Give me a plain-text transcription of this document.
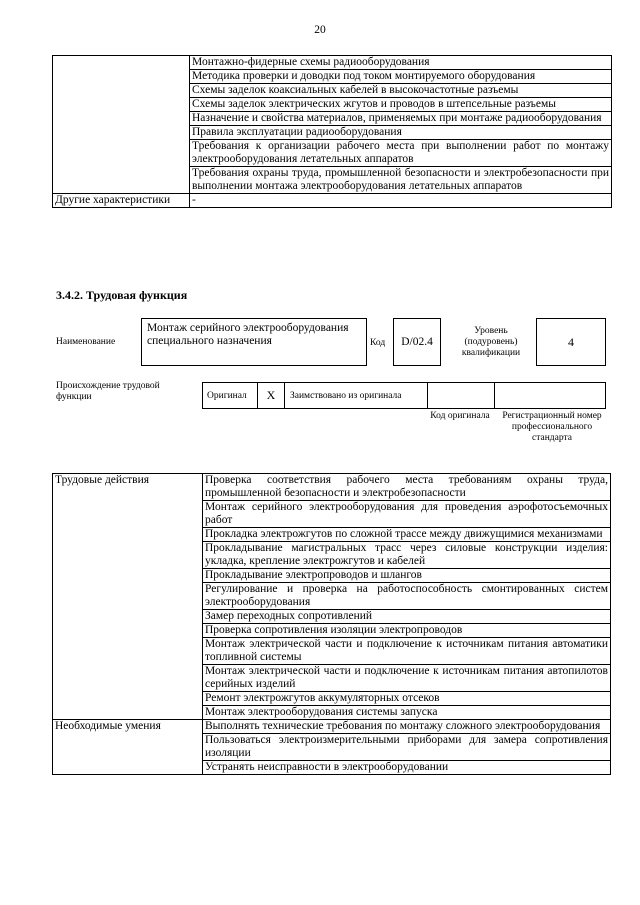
20
	Монтажно-фидерные схемы радиооборудования
	Методика проверки и доводки под током монтируемого оборудования
	Схемы заделок коаксиальных кабелей в высокочастотные разъемы
	Схемы заделок электрических жгутов и проводов в штепсельные разъемы
	Назначение и свойства материалов, применяемых при монтаже радиооборудования
	Правила эксплуатации радиооборудования
	Требования к организации рабочего места при выполнении работ по монтажу электрооборудования летательных аппаратов
	Требования охраны труда, промышленной безопасности и электробезопасности при выполнении монтажа электрооборудования летательных аппаратов
Другие характеристики	-
3.4.2. Трудовая функция
Наименование
Монтаж серийного электрооборудования специального назначения	Код	D/02.4
Уровень (подуровень) квалификации
4
Происхождение трудовой функции	Оригинал	X	Заимствовано из оригинала
Код оригинала	Регистрационный номер профессионального стандарта
Трудовые действия	Проверка соответствия рабочего места требованиям охраны труда, промышленной безопасности и электробезопасности
	Монтаж серийного электрооборудования для проведения аэрофотосъемочных работ
	Прокладка электрожгутов по сложной трассе между движущимися механизмами
	Прокладывание магистральных трасс через силовые конструкции изделия: укладка, крепление электрожгутов и кабелей
	Прокладывание электропроводов и шлангов
	Регулирование и проверка на работоспособность смонтированных систем электрооборудования
	Замер переходных сопротивлений
	Проверка сопротивления изоляции электропроводов
	Монтаж электрической части и подключение к источникам питания автоматики топливной системы
	Монтаж электрической части и подключение к источникам питания автопилотов серийных изделий
	Ремонт электрожгутов аккумуляторных отсеков
	Монтаж электрооборудования системы запуска
Необходимые умения	Выполнять технические требования по монтажу сложного электрооборудования
	Пользоваться электроизмерительными приборами для замера сопротивления изоляции
	Устранять неисправности в электрооборудовании
